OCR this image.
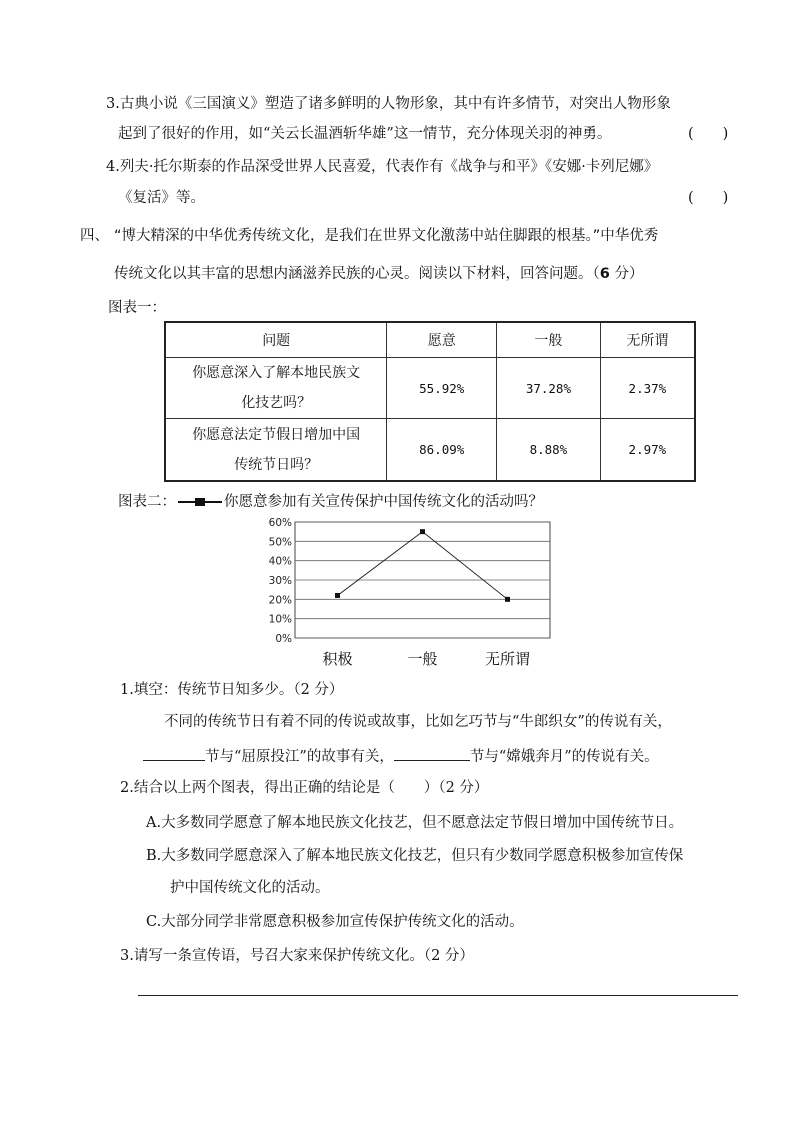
3.古典小说《三国演义》塑造了诸多鲜明的人物形象，其中有许多情节，对突出人物形象
起到了很好的作用，如“关云长温酒斩华雄”这一情节，充分体现关羽的神勇。	(　　)
4.列夫·托尔斯泰的作品深受世界人民喜爱，代表作有《战争与和平》《安娜·卡列尼娜》
《复活》等。	(　　)
四、 “博大精深的中华优秀传统文化，是我们在世界文化激荡中站住脚跟的根基。”中华优秀
传统文化以其丰富的思想内涵滋养民族的心灵。阅读以下材料，回答问题。（6 分）
图表一：
问题	愿意	一般	无所谓
你愿意深入了解本地民族文
化技艺吗？	55.92%	37.28%	2.37%
你愿意法定节假日增加中国
传统节日吗？	86.09%	8.88%	2.97%
图表二：	你愿意参加有关宣传保护中国传统文化的活动吗？
0%
10%
20%
30%
40%
50%
60%
积极	一般	无所谓
1.填空：传统节日知多少。（2 分）
不同的传统节日有着不同的传说或故事，比如乞巧节与“牛郎织女”的传说有关，
节与“屈原投江”的故事有关，	节与“嫦娥奔月”的传说有关。
2.结合以上两个图表，得出正确的结论是（　　）（2 分）
A.大多数同学愿意了解本地民族文化技艺，但不愿意法定节假日增加中国传统节日。
B.大多数同学愿意深入了解本地民族文化技艺，但只有少数同学愿意积极参加宣传保
护中国传统文化的活动。
C.大部分同学非常愿意积极参加宣传保护传统文化的活动。
3.请写一条宣传语，号召大家来保护传统文化。（2 分）
